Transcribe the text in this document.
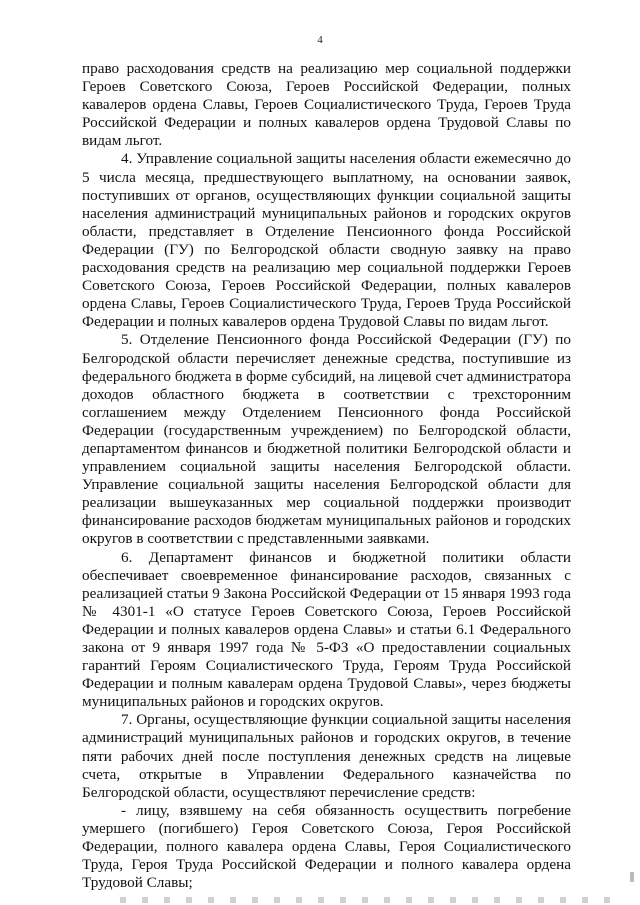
4

право расходования средств на реализацию мер социальной поддержки Героев Советского Союза, Героев Российской Федерации, полных кавалеров ордена Славы, Героев Социалистического Труда, Героев Труда Российской Федерации и полных кавалеров ордена Трудовой Славы по видам льгот.

4. Управление социальной защиты населения области ежемесячно до 5 числа месяца, предшествующего выплатному, на основании заявок, поступивших от органов, осуществляющих функции социальной защиты населения администраций муниципальных районов и городских округов области, представляет в Отделение Пенсионного фонда Российской Федерации (ГУ) по Белгородской области сводную заявку на право расходования средств на реализацию мер социальной поддержки Героев Советского Союза, Героев Российской Федерации, полных кавалеров ордена Славы, Героев Социалистического Труда, Героев Труда Российской Федерации и полных кавалеров ордена Трудовой Славы по видам льгот.

5. Отделение Пенсионного фонда Российской Федерации (ГУ) по Белгородской области перечисляет денежные средства, поступившие из федерального бюджета в форме субсидий, на лицевой счет администратора доходов областного бюджета в соответствии с трехсторонним соглашением между Отделением Пенсионного фонда Российской Федерации (государственным учреждением) по Белгородской области, департаментом финансов и бюджетной политики Белгородской области и управлением социальной защиты населения Белгородской области. Управление социальной защиты населения Белгородской области для реализации вышеуказанных мер социальной поддержки производит финансирование расходов бюджетам муниципальных районов и городских округов в соответствии с представленными заявками.

6. Департамент финансов и бюджетной политики области обеспечивает своевременное финансирование расходов, связанных с реализацией статьи 9 Закона Российской Федерации от 15 января 1993 года № 4301-1 «О статусе Героев Советского Союза, Героев Российской Федерации и полных кавалеров ордена Славы» и статьи 6.1 Федерального закона от 9 января 1997 года № 5-ФЗ «О предоставлении социальных гарантий Героям Социалистического Труда, Героям Труда Российской Федерации и полным кавалерам ордена Трудовой Славы», через бюджеты муниципальных районов и городских округов.

7. Органы, осуществляющие функции социальной защиты населения администраций муниципальных районов и городских округов, в течение пяти рабочих дней после поступления денежных средств на лицевые счета, открытые в Управлении Федерального казначейства по Белгородской области, осуществляют перечисление средств:

- лицу, взявшему на себя обязанность осуществить погребение умершего (погибшего) Героя Советского Союза, Героя Российской Федерации, полного кавалера ордена Славы, Героя Социалистического Труда, Героя Труда Российской Федерации и полного кавалера ордена Трудовой Славы;
